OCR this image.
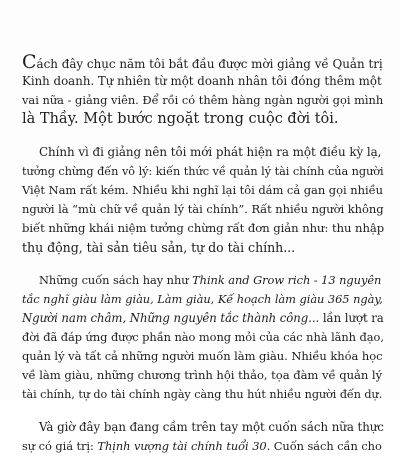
Cách đây chục năm tôi bắt đầu được mời giảng về Quản trị

Kinh doanh. Tự nhiên từ một doanh nhân tôi đóng thêm một

vai nữa - giảng viên. Để rồi có thêm hàng ngàn người gọi mình

là Thầy. Một bước ngoặt trong cuộc đời tôi.

Chính vì đi giảng nên tôi mới phát hiện ra một điều kỳ lạ,

tưởng chừng đến vô lý: kiến thức về quản lý tài chính của người

Việt Nam rất kém. Nhiều khi nghĩ lại tôi dám cả gan gọi nhiều

người là “mù chữ về quản lý tài chính”. Rất nhiều người không

biết những khái niệm tưởng chừng rất đơn giản như: thu nhập

thụ động, tài sản tiêu sản, tự do tài chính...

Những cuốn sách hay như Think and Grow rich - 13 nguyên

tắc nghĩ giàu làm giàu, Làm giàu, Kế hoạch làm giàu 365 ngày,

Người nam châm, Những nguyên tắc thành công... lần lượt ra

đời đã đáp ứng được phần nào mong mỏi của các nhà lãnh đạo,

quản lý và tất cả những người muốn làm giàu. Nhiều khóa học

về làm giàu, những chương trình hội thảo, tọa đàm về quản lý

tài chính, tự do tài chính ngày càng thu hút nhiều người đến dự.

Và giờ đây bạn đang cầm trên tay một cuốn sách nữa thực

sự có giá trị: Thịnh vượng tài chính tuổi 30. Cuốn sách cần cho
